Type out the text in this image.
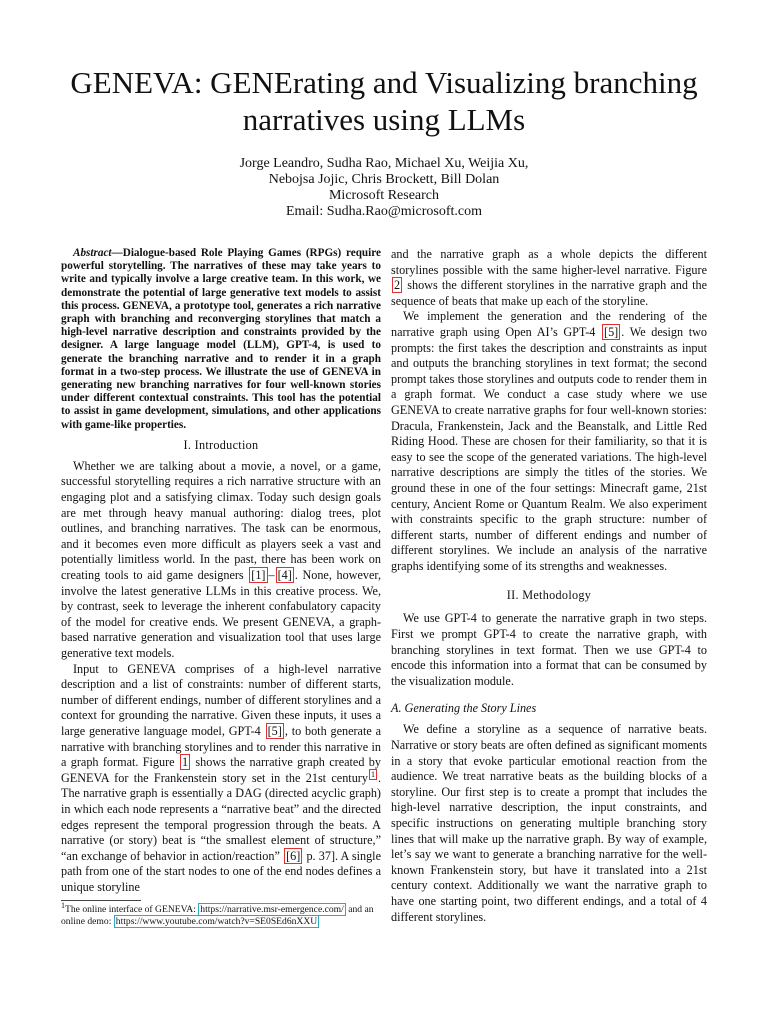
GENEVA: GENErating and Visualizing branching narratives using LLMs
Jorge Leandro, Sudha Rao, Michael Xu, Weijia Xu,
Nebojsa Jojic, Chris Brockett, Bill Dolan
Microsoft Research
Email: Sudha.Rao@microsoft.com

Abstract—Dialogue-based Role Playing Games (RPGs) require powerful storytelling. The narratives of these may take years to write and typically involve a large creative team. In this work, we demonstrate the potential of large generative text models to assist this process. GENEVA, a prototype tool, generates a rich narrative graph with branching and reconverging storylines that match a high-level narrative description and constraints provided by the designer. A large language model (LLM), GPT-4, is used to generate the branching narrative and to render it in a graph format in a two-step process. We illustrate the use of GENEVA in generating new branching narratives for four well-known stories under different contextual constraints. This tool has the potential to assist in game development, simulations, and other applications with game-like properties.

I. Introduction

Whether we are talking about a movie, a novel, or a game, successful storytelling requires a rich narrative structure with an engaging plot and a satisfying climax. Today such design goals are met through heavy manual authoring: dialog trees, plot outlines, and branching narratives. The task can be enormous, and it becomes even more difficult as players seek a vast and potentially limitless world. In the past, there has been work on creating tools to aid game designers [1] – [4] . None, however, involve the latest generative LLMs in this creative process. We, by contrast, seek to leverage the inherent confabulatory capacity of the model for creative ends. We present GENEVA, a graph-based narrative generation and visualization tool that uses large generative text models.

Input to GENEVA comprises of a high-level narrative description and a list of constraints: number of different starts, number of different endings, number of different storylines and a context for grounding the narrative. Given these inputs, it uses a large generative language model, GPT-4 [5] , to both generate a narrative with branching storylines and to render this narrative in a graph format. Figure 1 shows the narrative graph created by GENEVA for the Frankenstein story set in the 21st century $^1$ . The narrative graph is essentially a DAG (directed acyclic graph) in which each node represents a “narrative beat” and the directed edges represent the temporal progression through the beats. A narrative (or story) beat is “the smallest element of structure,” “an exchange of behavior in action/reaction” [6] p. 37]. A single path from one of the start nodes to one of the end nodes defines a unique storyline

$^1$The online interface of GENEVA: https://narrative.msr-emergence.com/ and an online demo: https://www.youtube.com/watch?v=SE0SEd6nXXU

and the narrative graph as a whole depicts the different storylines possible with the same higher-level narrative. Figure 2 shows the different storylines in the narrative graph and the sequence of beats that make up each of the storyline.

We implement the generation and the rendering of the narrative graph using Open AI’s GPT-4 [5] . We design two prompts: the first takes the description and constraints as input and outputs the branching storylines in text format; the second prompt takes those storylines and outputs code to render them in a graph format. We conduct a case study where we use GENEVA to create narrative graphs for four well-known stories: Dracula, Frankenstein, Jack and the Beanstalk, and Little Red Riding Hood. These are chosen for their familiarity, so that it is easy to see the scope of the generated variations. The high-level narrative descriptions are simply the titles of the stories. We ground these in one of the four settings: Minecraft game, 21st century, Ancient Rome or Quantum Realm. We also experiment with constraints specific to the graph structure: number of different starts, number of different endings and number of different storylines. We include an analysis of the narrative graphs identifying some of its strengths and weaknesses.

II. Methodology

We use GPT-4 to generate the narrative graph in two steps. First we prompt GPT-4 to create the narrative graph, with branching storylines in text format. Then we use GPT-4 to encode this information into a format that can be consumed by the visualization module.

A. Generating the Story Lines

We define a storyline as a sequence of narrative beats. Narrative or story beats are often defined as significant moments in a story that evoke particular emotional reaction from the audience. We treat narrative beats as the building blocks of a storyline. Our first step is to create a prompt that includes the high-level narrative description, the input constraints, and specific instructions on generating multiple branching story lines that will make up the narrative graph. By way of example, let’s say we want to generate a branching narrative for the well-known Frankenstein story, but have it translated into a 21st century context. Additionally we want the narrative graph to have one starting point, two different endings, and a total of 4 different storylines.
